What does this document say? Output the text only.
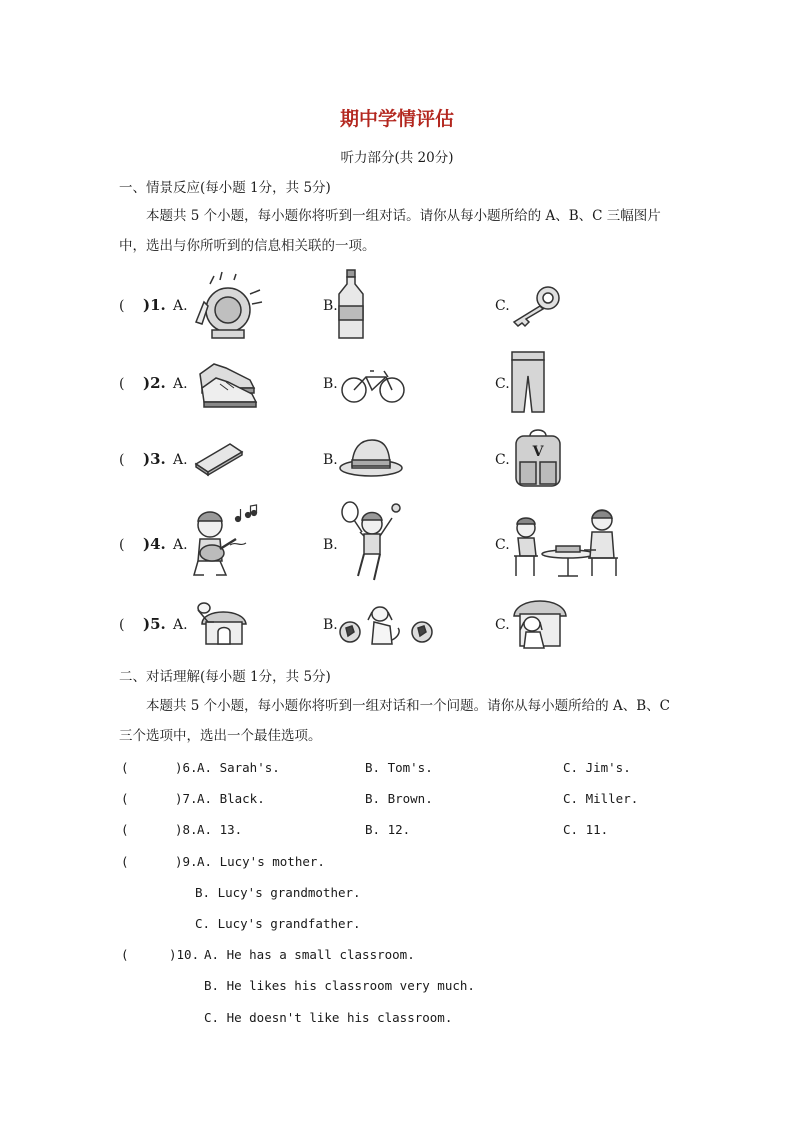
期中学情评估
听力部分(共 20分)
一、情景反应(每小题 1分，共 5分)
本题共 5 个小题，每小题你将听到一组对话。请你从每小题所给的 A、B、C 三幅图片中，选出与你所听到的信息相关联的一项。
( )1. A.	B.	C.
( )2. A.	B.	C.
( )3. A.	B.	C. V
( )4. A.	B.	C.
( )5. A.	B.	C.
二、对话理解(每小题 1分，共 5分)
本题共 5 个小题，每小题你将听到一组对话和一个问题。请你从每小题所给的 A、B、C 三个选项中，选出一个最佳选项。
(	)6. A. Sarah's.	B. Tom's.	C. Jim's.
(	)7. A. Black.	B. Brown.	C. Miller.
(	)8. A. 13.	B. 12.	C. 11.
(	)9. A. Lucy's mother.
B. Lucy's grandmother.
C. Lucy's grandfather.
(	)10. A. He has a small classroom.
B. He likes his classroom very much.
C. He doesn't like his classroom.
